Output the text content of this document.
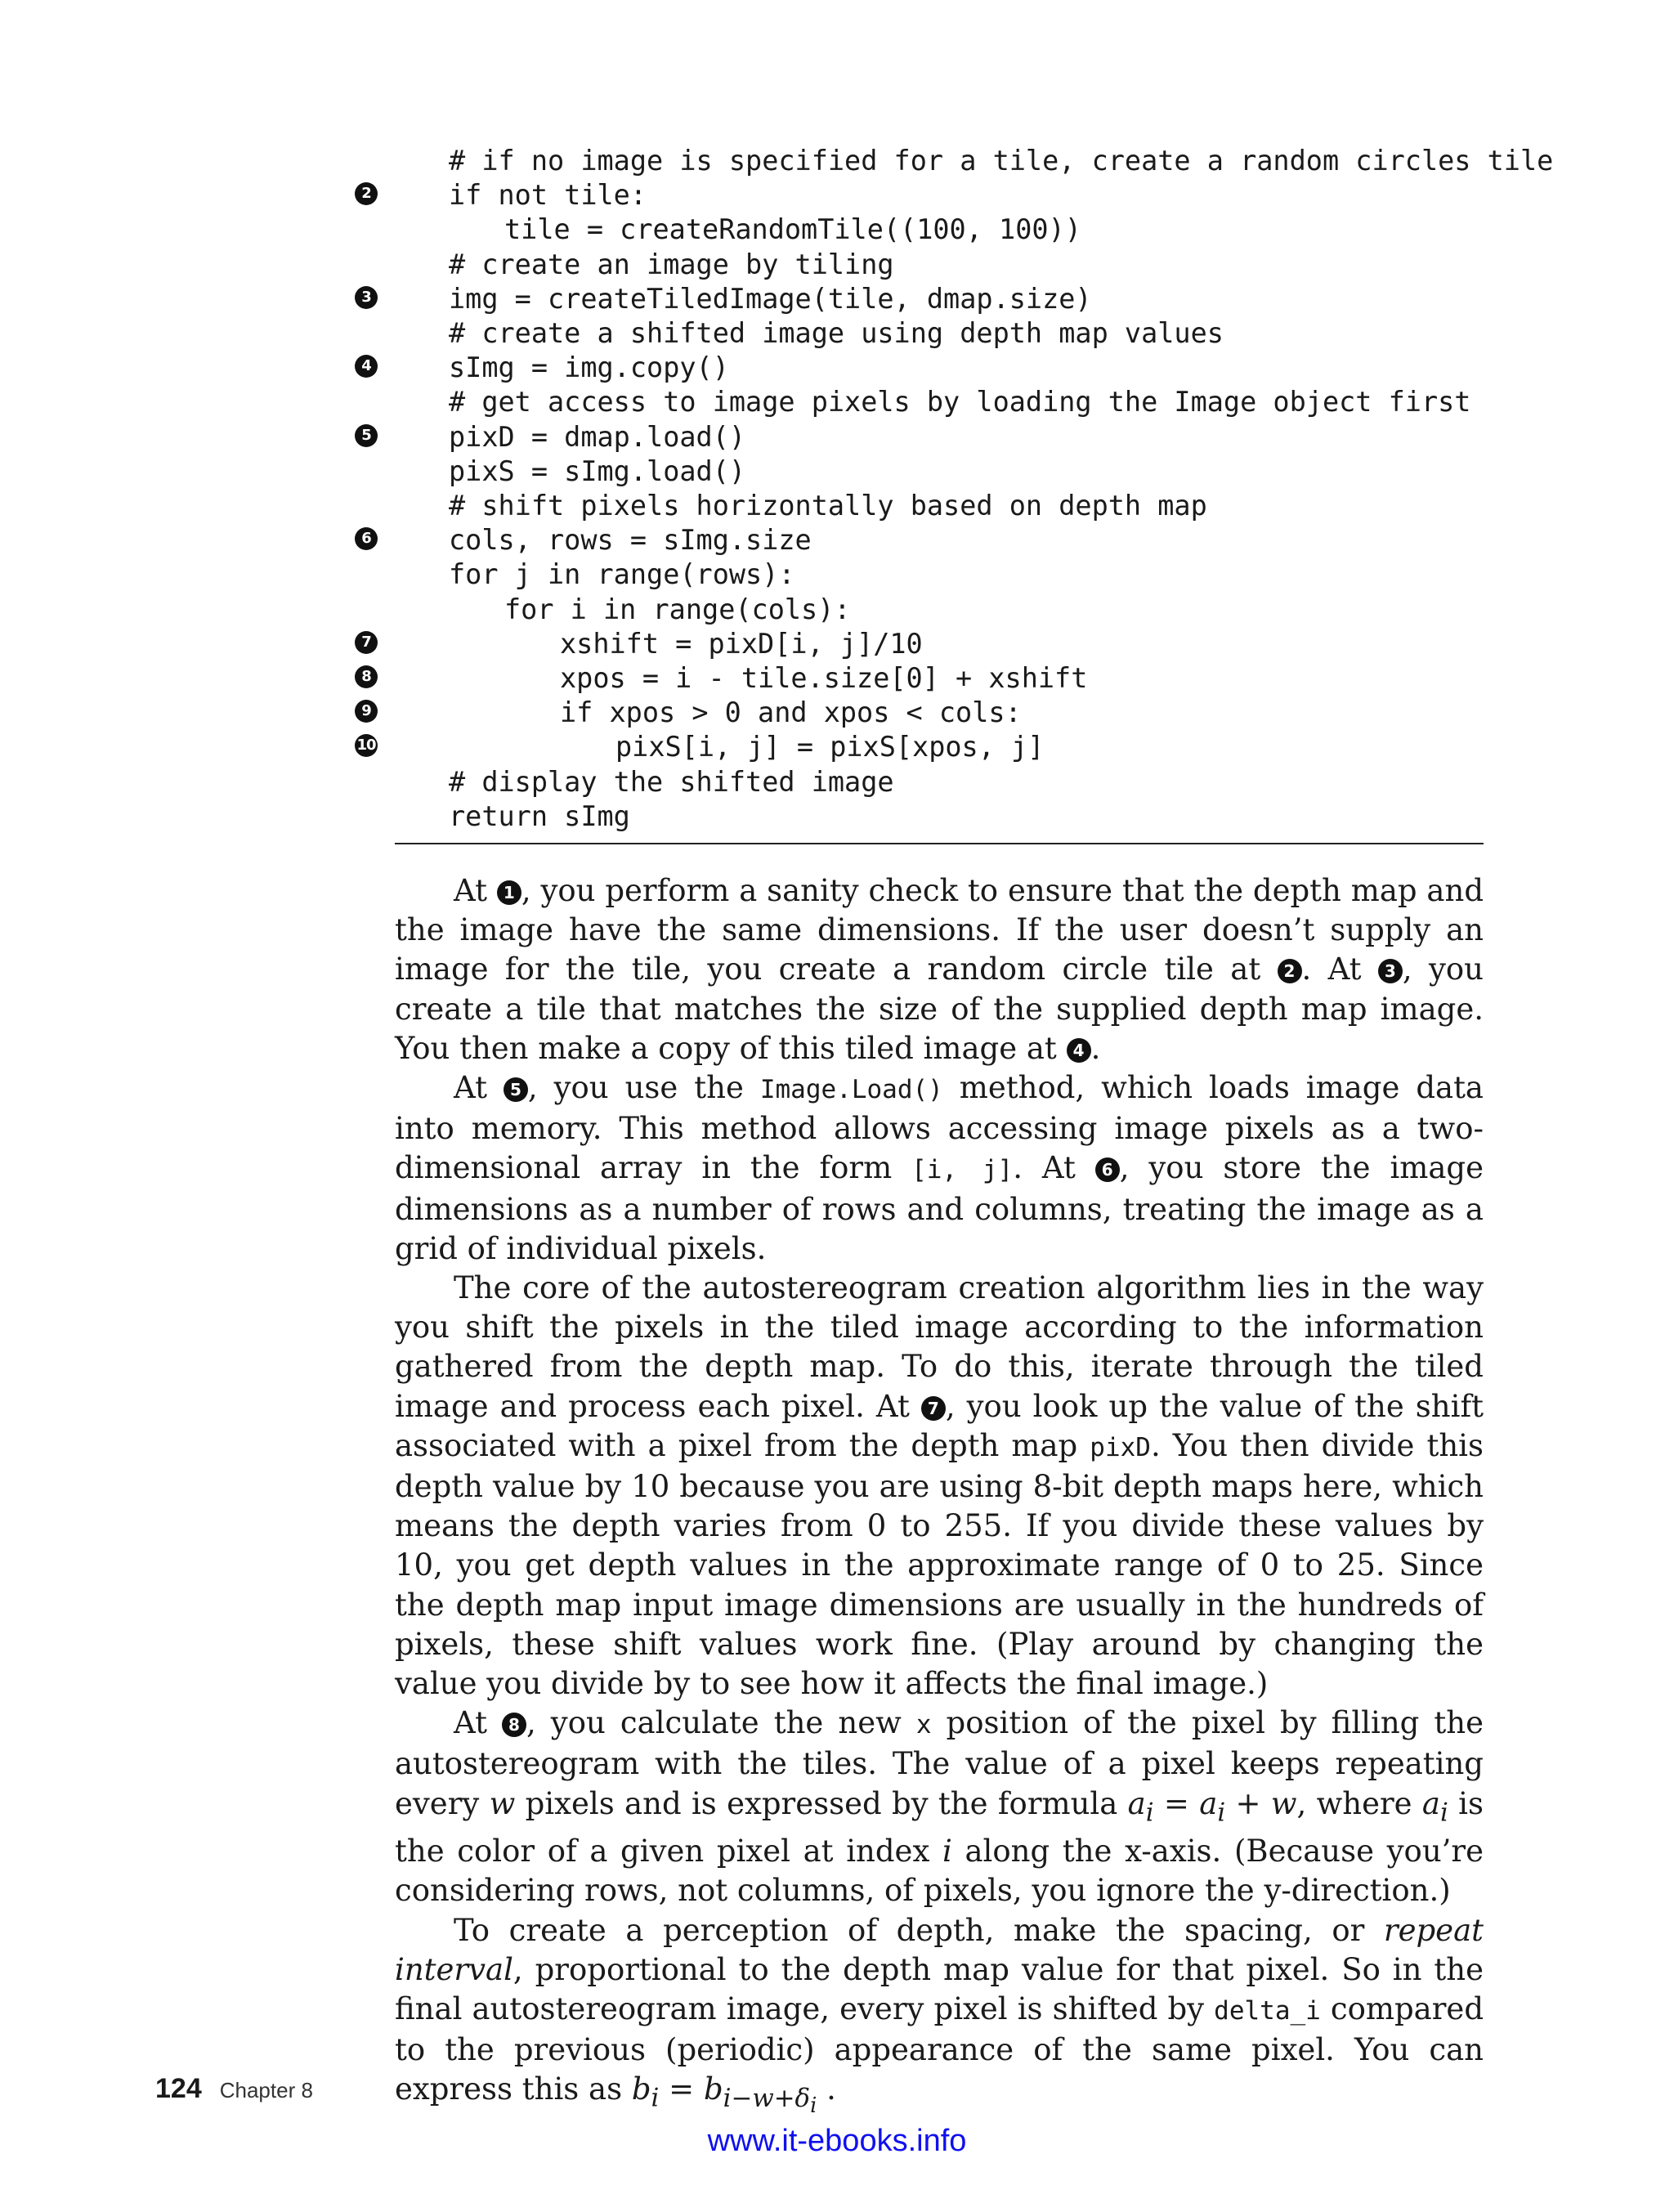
# if no image is specified for a tile, create a random circles tile
2	if not tile:
tile = createRandomTile((100, 100))
# create an image by tiling
3	img = createTiledImage(tile, dmap.size)
# create a shifted image using depth map values
4	sImg = img.copy()
# get access to image pixels by loading the Image object first
5	pixD = dmap.load()
pixS = sImg.load()
# shift pixels horizontally based on depth map
6	cols, rows = sImg.size
for j in range(rows):
for i in range(cols):
7	xshift = pixD[i, j]/10
8	xpos = i - tile.size[0] + xshift
9	if xpos > 0 and xpos < cols:
10	pixS[i, j] = pixS[xpos, j]
# display the shifted image
return sImg

At 1 , you perform a sanity check to ensure that the depth map and the image have the same dimensions. If the user doesn’t supply an image for the tile, you create a random circle tile at 2 . At 3 , you create a tile that matches the size of the supplied depth map image. You then make a copy of this tiled image at 4 .

At 5 , you use the Image.Load() method, which loads image data into memory. This method allows accessing image pixels as a two-dimensional array in the form [i, j]. At 6 , you store the image dimensions as a number of rows and columns, treating the image as a grid of individual pixels.

The core of the autostereogram creation algorithm lies in the way you shift the pixels in the tiled image according to the information gathered from the depth map. To do this, iterate through the tiled image and process each pixel. At 7 , you look up the value of the shift associated with a pixel from the depth map pixD. You then divide this depth value by 10 because you are using 8-bit depth maps here, which means the depth varies from 0 to 255. If you divide these values by 10, you get depth values in the approximate range of 0 to 25. Since the depth map input image dimensions are usually in the hundreds of pixels, these shift values work fine. (Play around by changing the value you divide by to see how it affects the final image.)

At 8 , you calculate the new x position of the pixel by filling the autostereogram with the tiles. The value of a pixel keeps repeating every w pixels and is expressed by the formula $a_i = a_i + w$, where $a_i$ is the color of a given pixel at index i along the x-axis. (Because you’re considering rows, not columns, of pixels, you ignore the y-direction.)

To create a perception of depth, make the spacing, or repeat interval, proportional to the depth map value for that pixel. So in the final autostereogram image, every pixel is shifted by delta_i compared to the previous (periodic) appearance of the same pixel. You can express this as $b_i = b_{i-w+\delta_i}$ .

124 Chapter 8
www.it-ebooks.info
